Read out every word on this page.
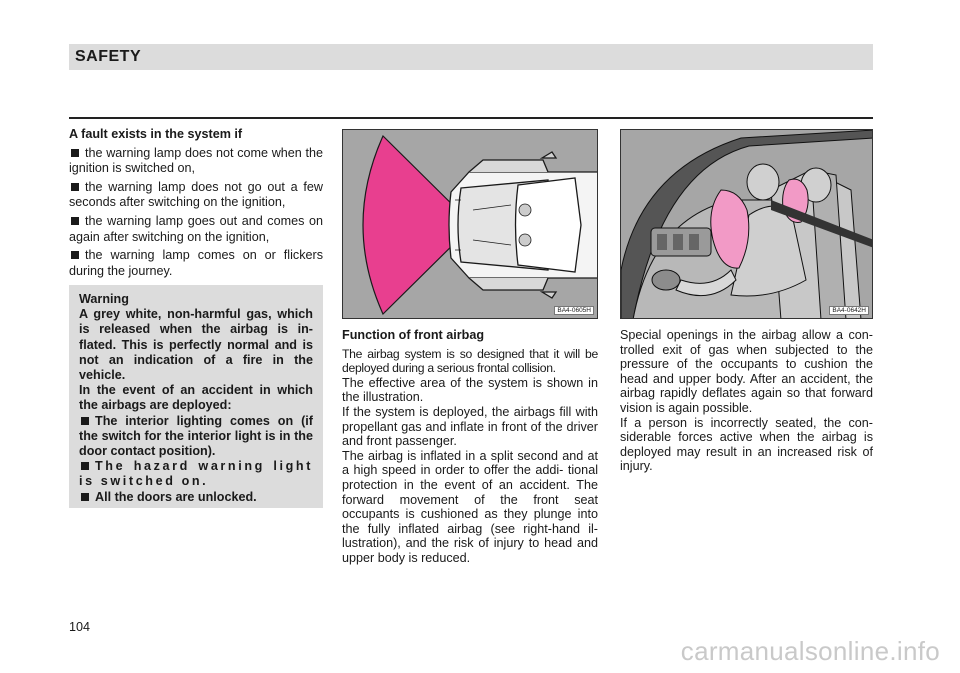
SAFETY
A fault exists in the system if
the warning lamp does not come when the ignition is switched on,
the warning lamp does not go out a few seconds after switching on the ignition,
the warning lamp goes out and comes on again after switching on the ignition,
the warning lamp comes on or flickers during the journey.
Warning
A grey white, non-harmful gas, which is released when the airbag is in- flated. This is perfectly normal and is not an indication of a fire in the vehicle.
In the event of an accident in which the airbags are deployed:
The interior lighting comes on (if the switch for the interior light is in the door contact position).
The hazard warning light is switched on.
All the doors are unlocked.
BA4-0605H	BA4-0642H
Function of front airbag

The airbag system is so designed that it will be deployed during a serious frontal collision.

The effective area of the system is shown in the illustration.

If the system is deployed, the airbags fill with propellant gas and inflate in front of the driver and front passenger.

The airbag is inflated in a split second and at a high speed in order to offer the addi- tional protection in the event of an accident. The forward movement of the front seat occupants is cushioned as they plunge into the fully inflated airbag (see right-hand il- lustration), and the risk of injury to head and upper body is reduced.

Special openings in the airbag allow a con- trolled exit of gas when subjected to the pressure of the occupants to cushion the head and upper body. After an accident, the airbag rapidly deflates again so that forward vision is again possible.

If a person is incorrectly seated, the con- siderable forces active when the airbag is deployed may result in an increased risk of injury.

104
carmanualsonline.info
